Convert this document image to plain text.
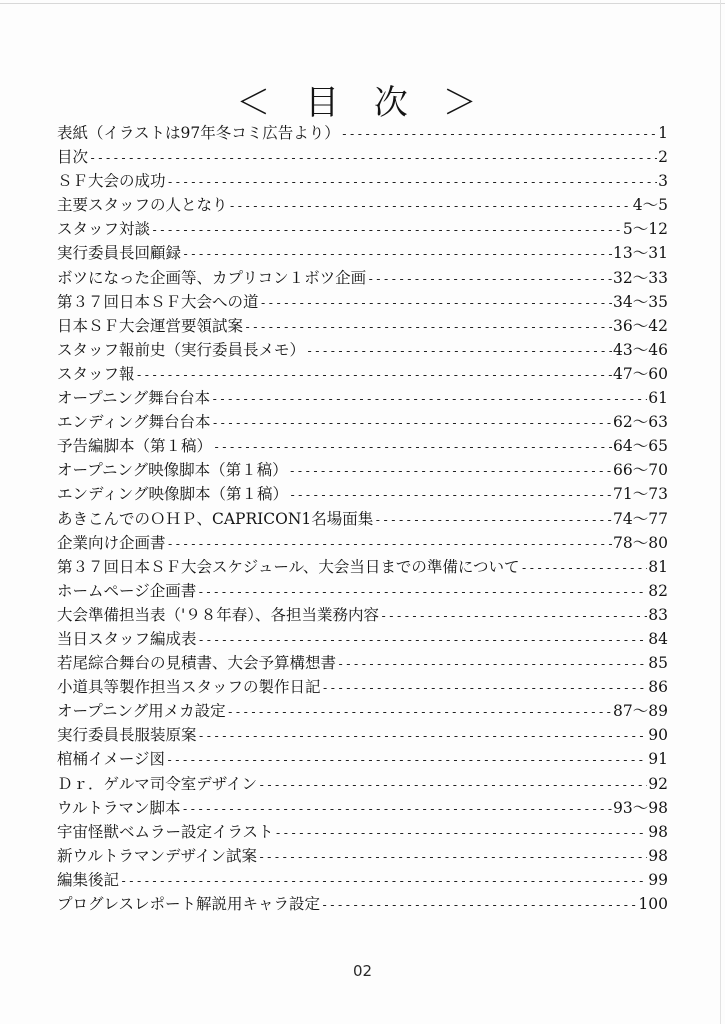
＜ 目 次 ＞
表紙（イラストは97年冬コミ広告より） -----	1
目次 -----	2
ＳＦ大会の成功 -----	3
主要スタッフの人となり -----	4〜5
スタッフ対談 -----	5〜12
実行委員長回顧録 -----	13〜31
ボツになった企画等、カプリコン１ボツ企画 -----	32〜33
第３７回日本ＳＦ大会への道 -----	34〜35
日本ＳＦ大会運営要領試案 -----	36〜42
スタッフ報前史（実行委員長メモ） -----	43〜46
スタッフ報 -----	47〜60
オープニング舞台台本 -----	61
エンディング舞台台本 -----	62〜63
予告編脚本（第１稿） -----	64〜65
オープニング映像脚本（第１稿） -----	66〜70
エンディング映像脚本（第１稿） -----	71〜73
あきこんでのＯＨＰ、CAPRICON1名場面集 -----	74〜77
企業向け企画書 -----	78〜80
第３７回日本ＳＦ大会スケジュール、大会当日までの準備について -----	81
ホームページ企画書 -----	82
大会準備担当表（'９８年春）、各担当業務内容 -----	83
当日スタッフ編成表 -----	84
若尾綜合舞台の見積書、大会予算構想書 -----	85
小道具等製作担当スタッフの製作日記 -----	86
オープニング用メカ設定 -----	87〜89
実行委員長服装原案 -----	90
棺桶イメージ図 -----	91
Ｄｒ．ゲルマ司令室デザイン -----	92
ウルトラマン脚本 -----	93〜98
宇宙怪獣ベムラー設定イラスト -----	98
新ウルトラマンデザイン試案 -----	98
編集後記 -----	99
プログレスレポート解説用キャラ設定 -----	100
02
